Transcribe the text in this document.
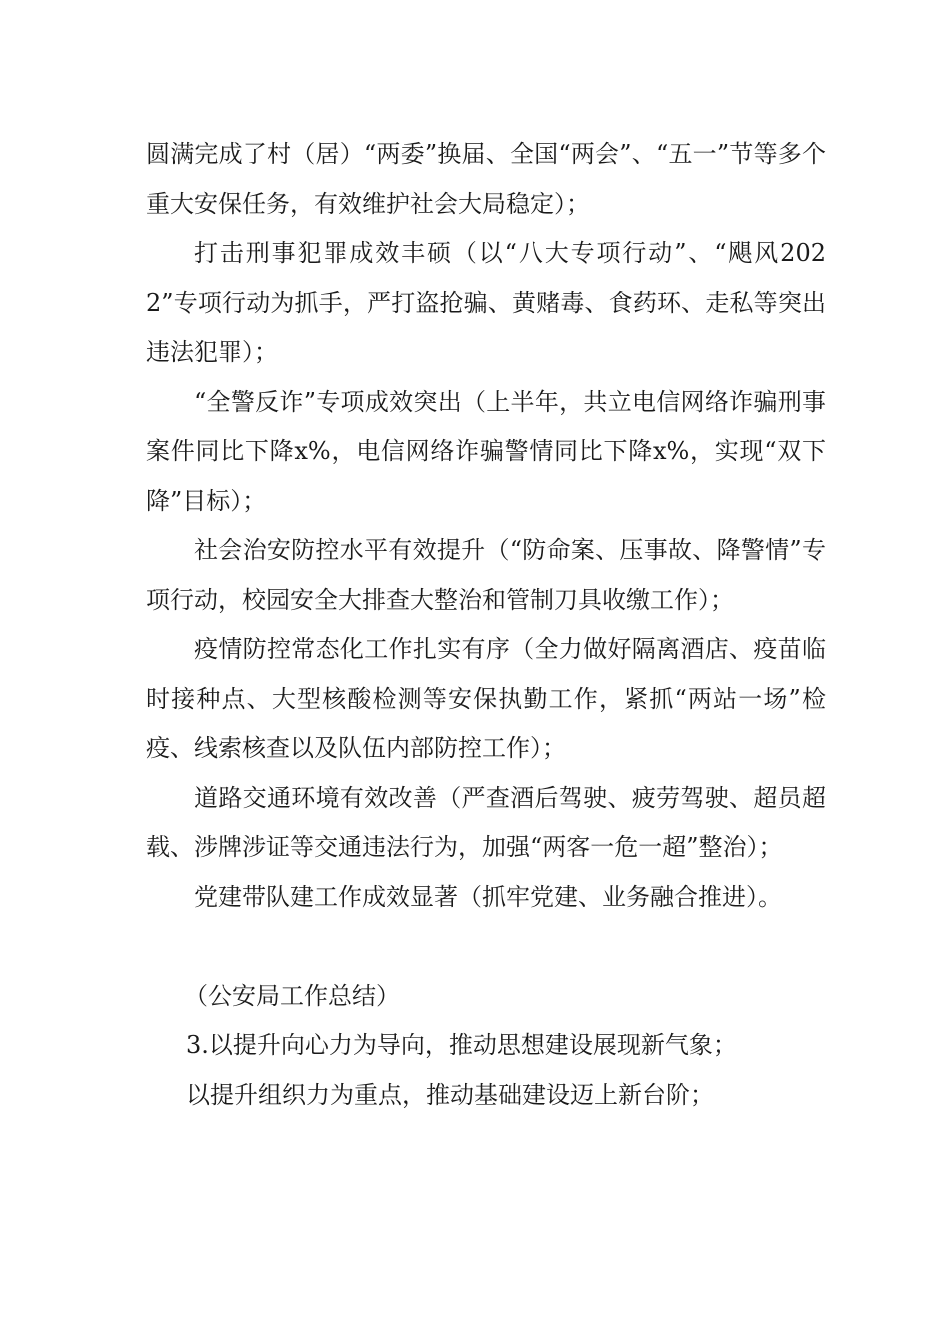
圆满完成了村（居）“两委”换届、全国“两会”、“五一”节等多个重大安保任务，有效维护社会大局稳定）；

打击刑事犯罪成效丰硕（以“八大专项行动”、“飓风2022”专项行动为抓手，严打盗抢骗、黄赌毒、食药环、走私等突出违法犯罪）；

“全警反诈”专项成效突出（上半年，共立电信网络诈骗刑事案件同比下降x%，电信网络诈骗警情同比下降x%，实现“双下降”目标）；

社会治安防控水平有效提升（“防命案、压事故、降警情”专项行动，校园安全大排查大整治和管制刀具收缴工作）；

疫情防控常态化工作扎实有序（全力做好隔离酒店、疫苗临时接种点、大型核酸检测等安保执勤工作，紧抓“两站一场”检疫、线索核查以及队伍内部防控工作）；

道路交通环境有效改善（严查酒后驾驶、疲劳驾驶、超员超载、涉牌涉证等交通违法行为，加强“两客一危一超”整治）；

党建带队建工作成效显著（抓牢党建、业务融合推进）。

（公安局工作总结）

3.以提升向心力为导向，推动思想建设展现新气象；

以提升组织力为重点，推动基础建设迈上新台阶；
